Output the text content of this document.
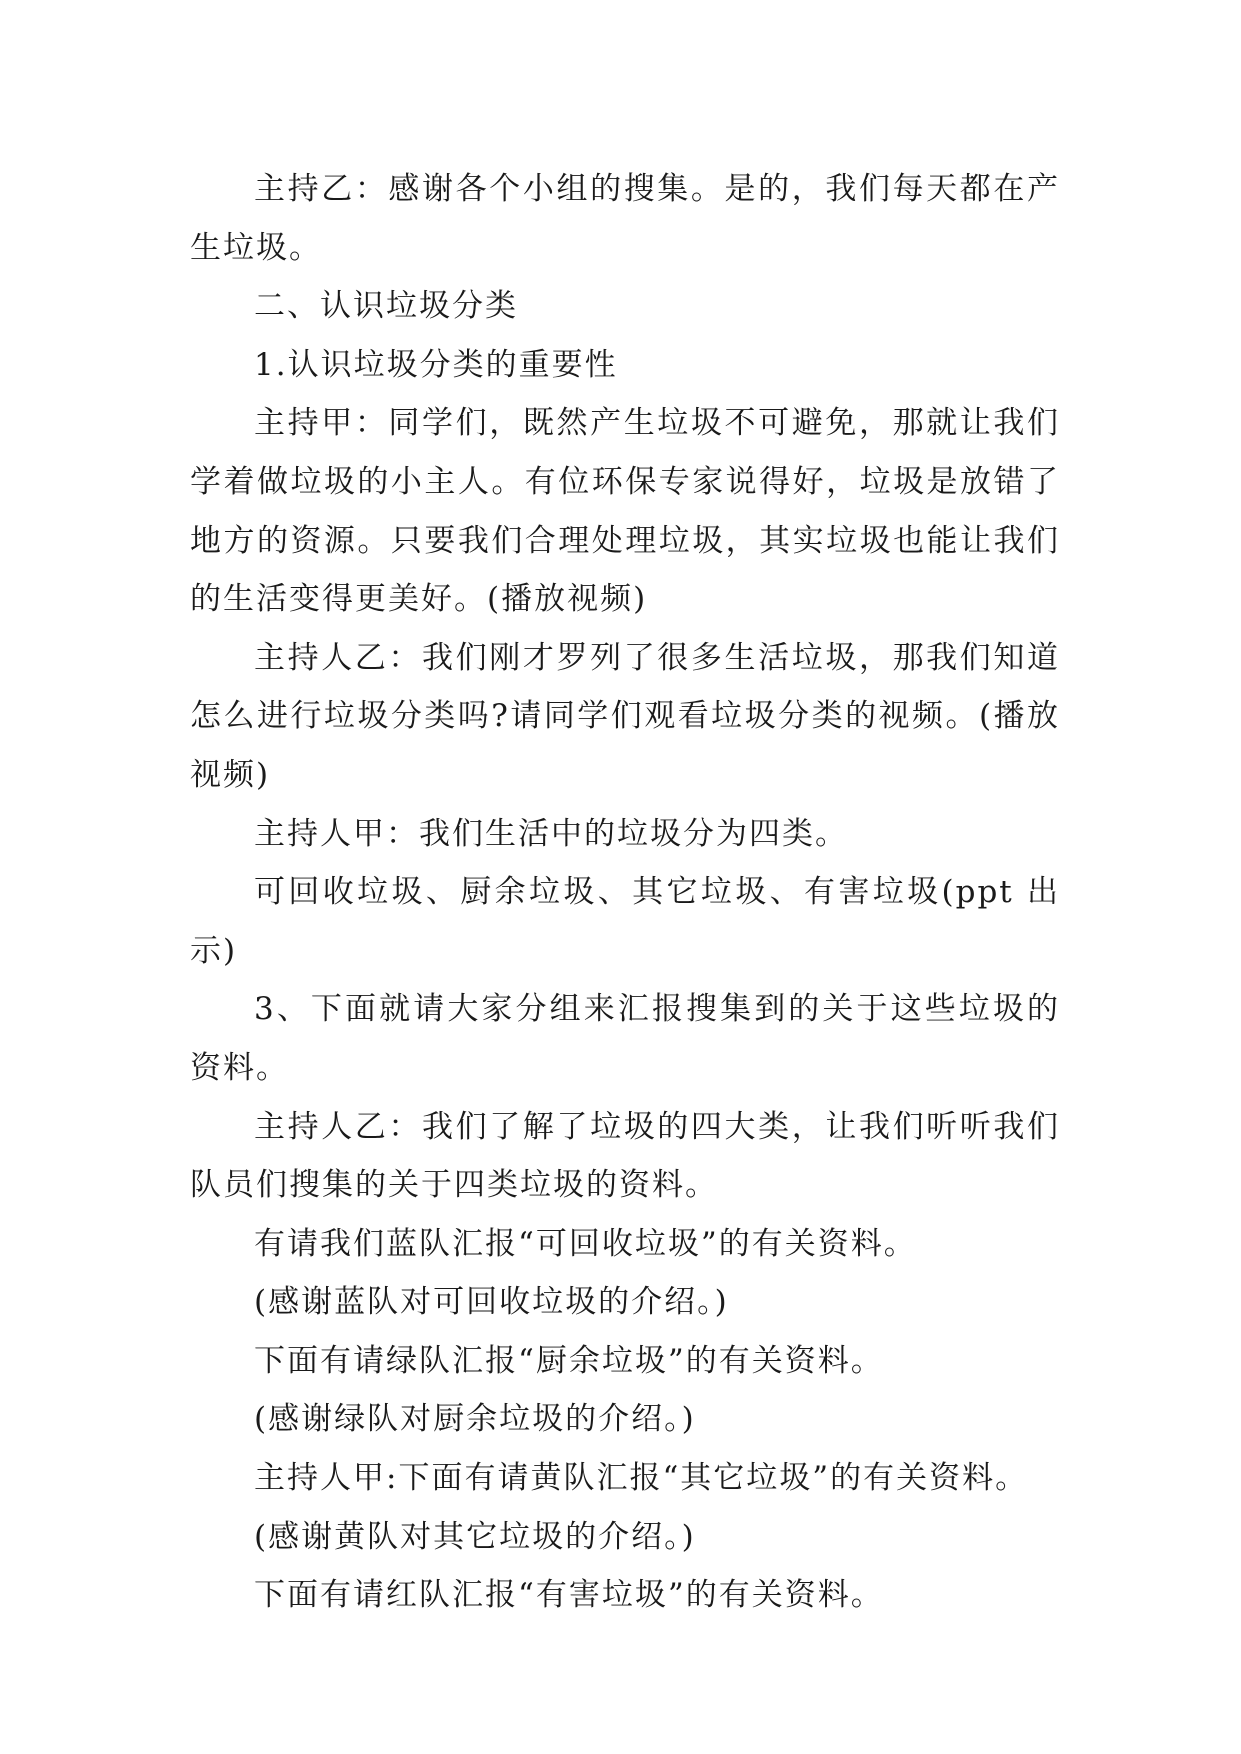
主持乙：感谢各个小组的搜集。是的，我们每天都在产生垃圾。

二、认识垃圾分类

1.认识垃圾分类的重要性

主持甲：同学们，既然产生垃圾不可避免，那就让我们学着做垃圾的小主人。有位环保专家说得好，垃圾是放错了地方的资源。只要我们合理处理垃圾，其实垃圾也能让我们的生活变得更美好。(播放视频)

主持人乙：我们刚才罗列了很多生活垃圾，那我们知道怎么进行垃圾分类吗?请同学们观看垃圾分类的视频。(播放视频)

主持人甲：我们生活中的垃圾分为四类。

可回收垃圾、厨余垃圾、其它垃圾、有害垃圾(ppt 出示)

3、下面就请大家分组来汇报搜集到的关于这些垃圾的资料。

主持人乙：我们了解了垃圾的四大类，让我们听听我们队员们搜集的关于四类垃圾的资料。

有请我们蓝队汇报“可回收垃圾”的有关资料。

(感谢蓝队对可回收垃圾的介绍。)

下面有请绿队汇报“厨余垃圾”的有关资料。

(感谢绿队对厨余垃圾的介绍。)

主持人甲:下面有请黄队汇报“其它垃圾”的有关资料。

(感谢黄队对其它垃圾的介绍。)

下面有请红队汇报“有害垃圾”的有关资料。
